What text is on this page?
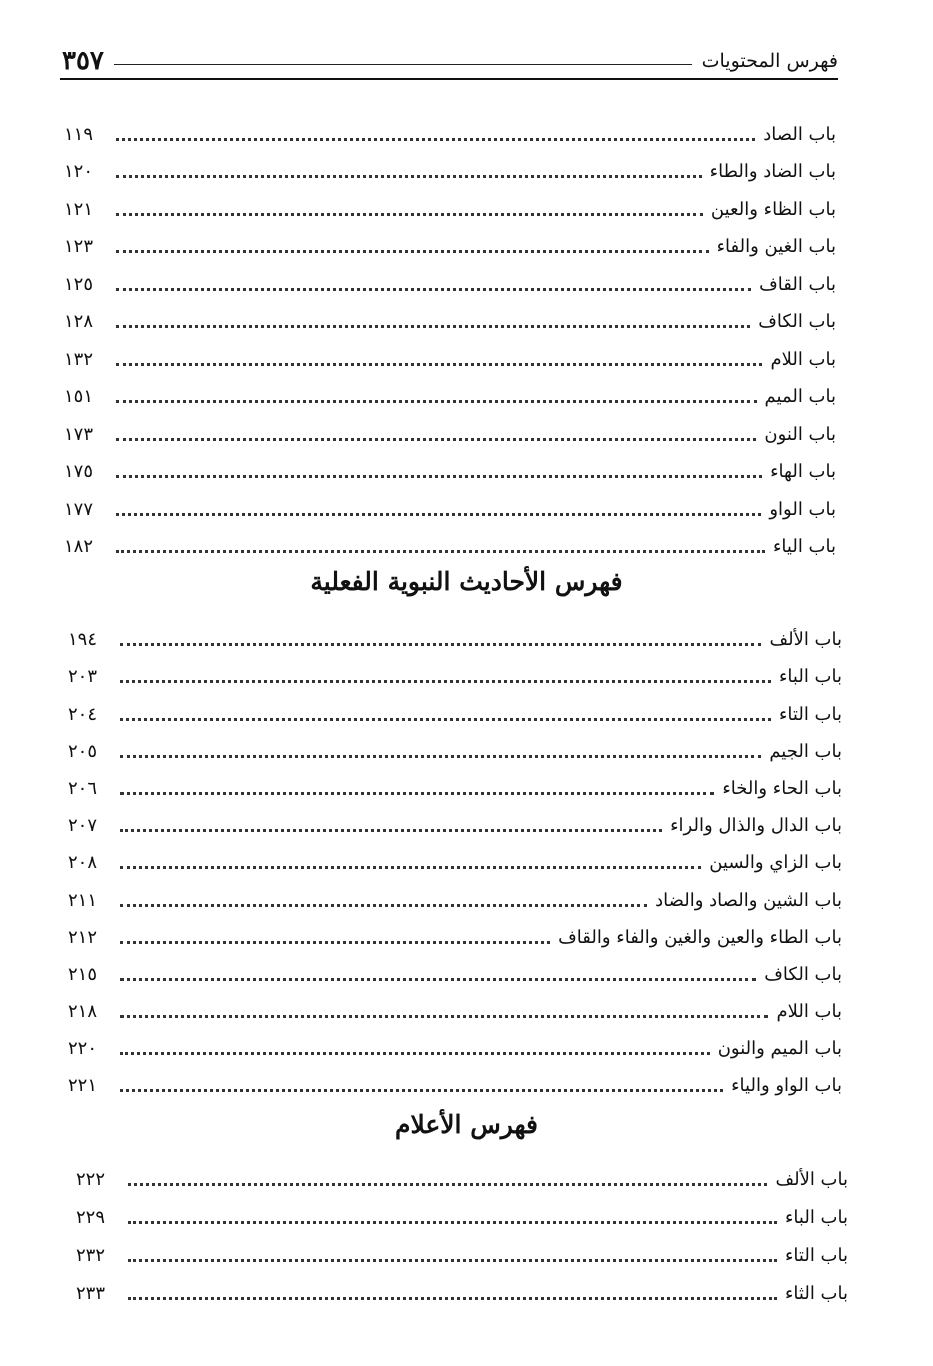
فهرس المحتويات
٣٥٧
باب الصاد
١١٩
باب الضاد والطاء
١٢٠
باب الظاء والعين
١٢١
باب الغين والفاء
١٢٣
باب القاف
١٢٥
باب الكاف
١٢٨
باب اللام
١٣٢
باب الميم
١٥١
باب النون
١٧٣
باب الهاء
١٧٥
باب الواو
١٧٧
باب الياء
١٨٢
فهرس الأحاديث النبوية الفعلية
باب الألف
١٩٤
باب الباء
٢٠٣
باب التاء
٢٠٤
باب الجيم
٢٠٥
باب الحاء والخاء
٢٠٦
باب الدال والذال والراء
٢٠٧
باب الزاي والسين
٢٠٨
باب الشين والصاد والضاد
٢١١
باب الطاء والعين والغين والفاء والقاف
٢١٢
باب الكاف
٢١٥
باب اللام
٢١٨
باب الميم والنون
٢٢٠
باب الواو والياء
٢٢١
فهرس الأعلام
باب الألف
٢٢٢
باب الباء
٢٢٩
باب التاء
٢٣٢
باب الثاء
٢٣٣
